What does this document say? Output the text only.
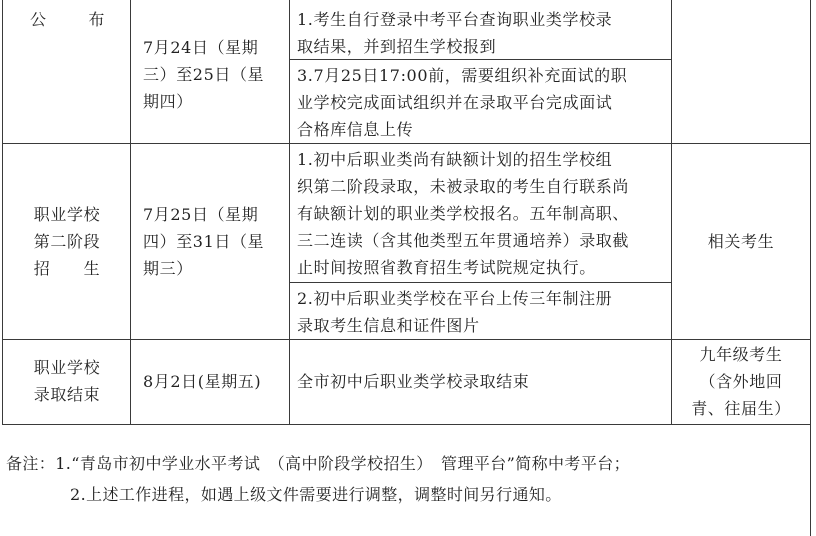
公	布
7月24日（星期
三）至25日（星
期四）
1.考生自行登录中考平台查询职业类学校录
取结果，并到招生学校报到
3.7月25日17:00前，需要组织补充面试的职
业学校完成面试组织并在录取平台完成面试
合格库信息上传
职业学校
第二阶段
招　　生
7月25日（星期
四）至31日（星
期三）
1.初中后职业类尚有缺额计划的招生学校组
织第二阶段录取，未被录取的考生自行联系尚
有缺额计划的职业类学校报名。五年制高职、
三二连读（含其他类型五年贯通培养）录取截
止时间按照省教育招生考试院规定执行。
2.初中后职业类学校在平台上传三年制注册
录取考生信息和证件图片
相关考生
职业学校
录取结束
8月2日(星期五)	全市初中后职业类学校录取结束
九年级考生
（含外地回
青、往届生）
备注：1.“青岛市初中学业水平考试　（高中阶段学校招生）　管理平台”简称中考平台；
2.上述工作进程，如遇上级文件需要进行调整，调整时间另行通知。
